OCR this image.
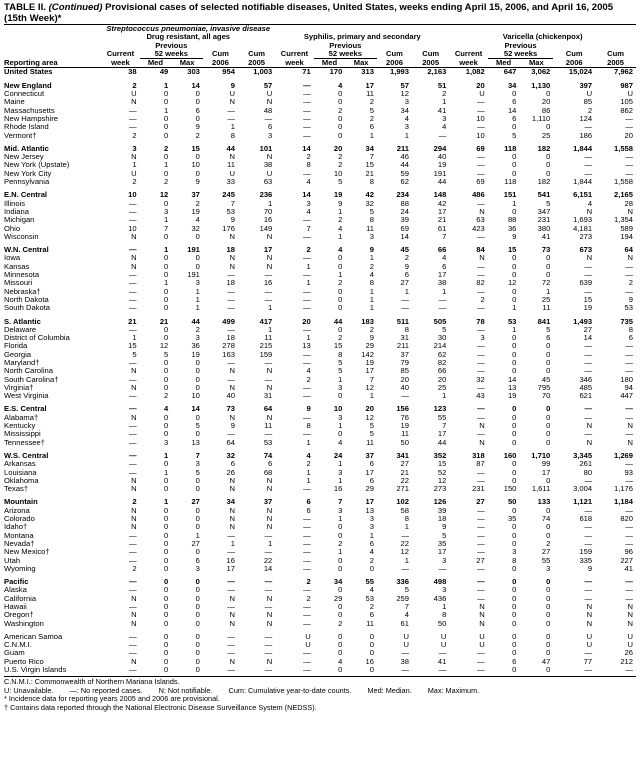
TABLE II. (Continued) Provisional cases of selected notifiable diseases, United States, weeks ending April 15, 2006, and April 16, 2005 (15th Week)*
	Streptococcus pneumoniae, invasive disease
Drug resistant, all ages					Syphilis, primary and secondary					Varicella (chickenpox)				
		Previous					Previous					Previous			
	Current	52 weeks		Cum	Cum	Current	52 weeks		Cum	Cum	Current	52 weeks		Cum	Cum
Reporting area	week	Med	Max	2006	2005	week	Med	Max	2006	2005	week	Med	Max	2006	2005
United States	38	49	303	954	1,003	71	170	313	1,993	2,163	1,082	647	3,062	15,024	7,962

New England	2	1	14	9	57	—	4	17	57	51	20	34	1,130	397	987
Connecticut	U	0	0	U	U	—	0	11	12	2	U	0	0	U	U
Maine	N	0	0	N	N	—	0	2	3	1	—	6	20	85	105
Massachusetts	—	1	6	—	48	—	2	5	34	41	—	14	86	2	862
New Hampshire	—	0	0	—	—	—	0	2	4	3	10	6	1,110	124	—
Rhode Island	—	0	9	1	6	—	0	6	3	4	—	0	0	—	—
Vermont†	2	0	2	8	3	—	0	1	1	—	10	5	25	186	20

Mid. Atlantic	3	2	15	44	101	14	20	34	211	294	69	118	182	1,844	1,558
New Jersey	N	0	0	N	N	2	2	7	46	40	—	0	0	—	—
New York (Upstate)	1	1	10	11	38	8	2	15	44	19	—	0	0	—	—
New York City	U	0	0	U	U	—	10	21	59	191	—	0	0	—	—
Pennsylvania	2	2	9	33	63	4	5	8	62	44	69	118	182	1,844	1,558

E.N. Central	10	12	37	245	236	14	19	42	234	148	486	151	541	6,151	2,165
Illinois	—	0	2	7	1	3	9	32	88	42	—	1	5	4	28
Indiana	—	3	19	53	70	4	1	5	24	17	N	0	347	N	N
Michigan	—	1	4	9	16	—	2	8	39	21	63	88	231	1,693	1,354
Ohio	10	7	32	176	149	7	4	11	69	61	423	36	380	4,181	589
Wisconsin	N	0	0	N	N	—	1	3	14	7	—	9	41	273	194

W.N. Central	—	1	191	18	17	2	4	9	45	66	84	15	73	673	64
Iowa	N	0	0	N	N	—	0	1	2	4	N	0	0	N	N
Kansas	N	0	0	N	N	1	0	2	9	6	—	0	0	—	—
Minnesota	—	0	191	—	—	—	1	4	6	17	—	0	0	—	—
Missouri	—	1	3	18	16	1	2	8	27	38	82	12	72	639	2
Nebraska†	—	0	1	—	—	—	0	1	1	1	—	0	1	—	—
North Dakota	—	0	1	—	—	—	0	1	—	—	2	0	25	15	9
South Dakota	—	0	1	—	1	—	0	1	—	—	—	1	11	19	53

S. Atlantic	21	21	44	499	417	20	44	183	511	505	78	53	841	1,493	735
Delaware	—	0	2	—	1	—	0	2	8	5	—	1	5	27	8
District of Columbia	1	0	3	18	11	1	2	9	31	30	3	0	6	14	6
Florida	15	12	36	278	215	13	15	29	211	214	—	0	0	—	—
Georgia	5	5	19	163	159	—	8	142	37	62	—	0	0	—	—
Maryland†	—	0	0	—	—	—	5	19	79	82	—	0	0	—	—
North Carolina	N	0	0	N	N	4	5	17	85	66	—	0	0	—	—
South Carolina†	—	0	0	—	—	2	1	7	20	20	32	14	45	346	180
Virginia†	N	0	0	N	N	—	3	12	40	25	—	13	795	485	94
West Virginia	—	2	10	40	31	—	0	1	—	1	43	19	70	621	447

E.S. Central	—	4	14	73	64	9	10	20	156	123	—	0	0	—	—
Alabama†	N	0	0	N	N	—	3	12	76	55	—	0	0	—	—
Kentucky	—	0	5	9	11	8	1	5	19	7	N	0	0	N	N
Mississippi	—	0	0	—	—	—	0	5	11	17	—	0	0	—	—
Tennessee†	—	3	13	64	53	1	4	11	50	44	N	0	0	N	N

W.S. Central	—	1	7	32	74	4	24	37	341	352	318	160	1,710	3,345	1,269
Arkansas	—	0	3	6	6	2	1	6	27	15	87	0	99	261	—
Louisiana	—	1	5	26	68	1	3	17	21	52	—	0	17	80	93
Oklahoma	N	0	0	N	N	1	1	6	22	12	—	0	0	—	—
Texas†	N	0	0	N	N	—	16	29	271	273	231	150	1,611	3,004	1,176

Mountain	2	1	27	34	37	6	7	17	102	126	27	50	133	1,121	1,184
Arizona	N	0	0	N	N	6	3	13	58	39	—	0	0	—	—
Colorado	N	0	0	N	N	—	1	3	8	18	—	35	74	618	820
Idaho†	N	0	0	N	N	—	0	3	1	9	—	0	0	—	—
Montana	—	0	1	—	—	—	0	1	—	5	—	0	0	—	—
Nevada†	—	0	27	1	1	—	2	6	22	35	—	0	2	—	—
New Mexico†	—	0	0	—	—	—	1	4	12	17	—	3	27	159	96
Utah	—	0	6	16	22	—	0	2	1	3	27	8	55	335	227
Wyoming	2	0	3	17	14	—	0	0	—	—	—	0	3	9	41

Pacific	—	0	0	—	—	2	34	55	336	498	—	0	0	—	—
Alaska	—	0	0	—	—	—	0	4	5	3	—	0	0	—	—
California	N	0	0	N	N	2	29	53	259	436	—	0	0	—	—
Hawaii	—	0	0	—	—	—	0	2	7	1	N	0	0	N	N
Oregon†	N	0	0	N	N	—	0	6	4	8	N	0	0	N	N
Washington	N	0	0	N	N	—	2	11	61	50	N	0	0	N	N

American Samoa	—	0	0	—	—	U	0	0	U	U	U	0	0	U	U
C.N.M.I.	—	0	0	—	—	U	0	0	U	U	U	0	0	U	U
Guam	—	0	0	—	—	—	0	0	—	—	—	0	0	—	26
Puerto Rico	N	0	0	N	N	—	4	16	38	41	—	6	47	77	212
U.S. Virgin Islands	—	0	0	—	—	—	0	0	—	—	—	0	0	—	—
C.N.M.I.: Commonwealth of Northern Mariana Islands.
U: Unavailable. —: No reported cases. N: Not notifiable. Cum: Cumulative year-to-date counts. Med: Median. Max: Maximum.
* Incidence data for reporting years 2005 and 2006 are provisional.
† Contains data reported through the National Electronic Disease Surveillance System (NEDSS).
